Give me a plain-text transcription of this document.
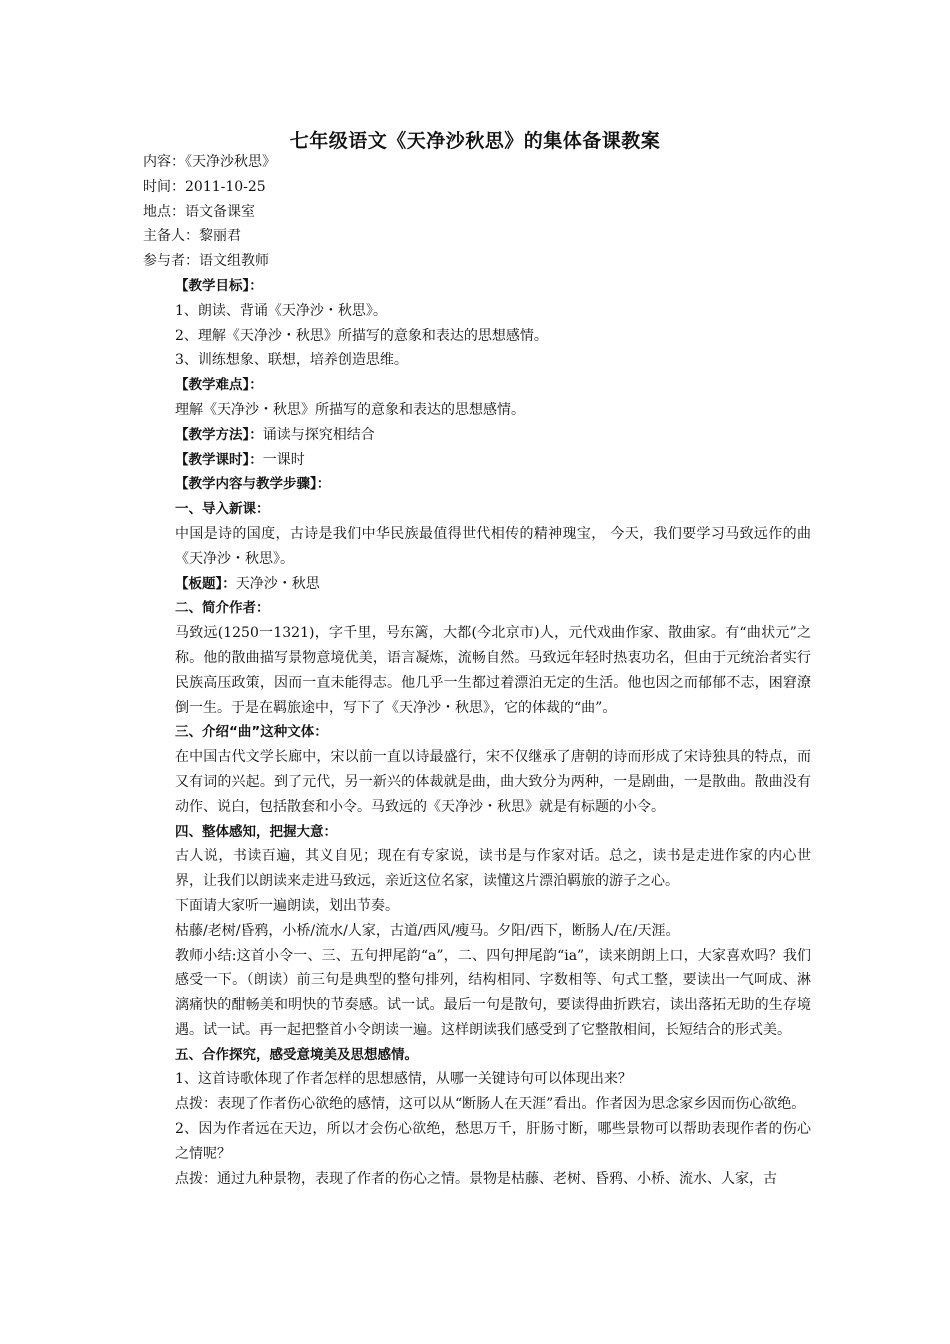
七年级语文《天净沙秋思》的集体备课教案

内容：《天净沙秋思》

时间：2011-10-25

地点：语文备课室

主备人：黎丽君

参与者：语文组教师

【教学目标】：

1、朗读、背诵《天净沙・秋思》。

2、理解《天净沙・秋思》所描写的意象和表达的思想感情。

3、训练想象、联想，培养创造思维。

【教学难点】：

理解《天净沙・秋思》所描写的意象和表达的思想感情。

【教学方法】：诵读与探究相结合

【教学课时】：一课时

【教学内容与教学步骤】：

一、导入新课：

中国是诗的国度，古诗是我们中华民族最值得世代相传的精神瑰宝， 今天，我们要学习马致远作的曲《天净沙・秋思》。

【板题】：天净沙・秋思

二、简介作者：

马致远(1250一1321)，字千里，号东篱，大都(今北京市)人，元代戏曲作家、散曲家。有“曲状元”之称。他的散曲描写景物意境优美，语言凝炼，流畅自然。马致远年轻时热衷功名，但由于元统治者实行民族高压政策，因而一直未能得志。他几乎一生都过着漂泊无定的生活。他也因之而郁郁不志，困窘潦倒一生。于是在羁旅途中，写下了《天净沙・秋思》，它的体裁的“曲”。

三、介绍“曲”这种文体：

在中国古代文学长廊中，宋以前一直以诗最盛行，宋不仅继承了唐朝的诗而形成了宋诗独具的特点，而又有词的兴起。到了元代，另一新兴的体裁就是曲，曲大致分为两种，一是剧曲，一是散曲。散曲没有动作、说白，包括散套和小令。马致远的《天净沙・秋思》就是有标题的小令。

四、整体感知，把握大意：

古人说，书读百遍，其义自见；现在有专家说，读书是与作家对话。总之，读书是走进作家的内心世界，让我们以朗读来走进马致远，亲近这位名家，读懂这片漂泊羁旅的游子之心。

下面请大家听一遍朗读，划出节奏。

枯藤/老树/昏鸦，小桥/流水/人家，古道/西风/瘦马。夕阳/西下，断肠人/在/天涯。

教师小结:这首小令一、三、五句押尾韵“a”，二、四句押尾韵“ia”，读来朗朗上口，大家喜欢吗？我们感受一下。（朗读）前三句是典型的整句排列，结构相同、字数相等、句式工整，要读出一气呵成、淋漓痛快的酣畅美和明快的节奏感。试一试。最后一句是散句，要读得曲折跌宕，读出落拓无助的生存境遇。试一试。再一起把整首小令朗读一遍。这样朗读我们感受到了它整散相间，长短结合的形式美。

五、合作探究，感受意境美及思想感情。

1、这首诗歌体现了作者怎样的思想感情，从哪一关键诗句可以体现出来？

点拨：表现了作者伤心欲绝的感情，这可以从“断肠人在天涯”看出。作者因为思念家乡因而伤心欲绝。

2、因为作者远在天边，所以才会伤心欲绝，愁思万千，肝肠寸断，哪些景物可以帮助表现作者的伤心之情呢？

点拨：通过九种景物，表现了作者的伤心之情。景物是枯藤、老树、昏鸦、小桥、流水、人家，古
